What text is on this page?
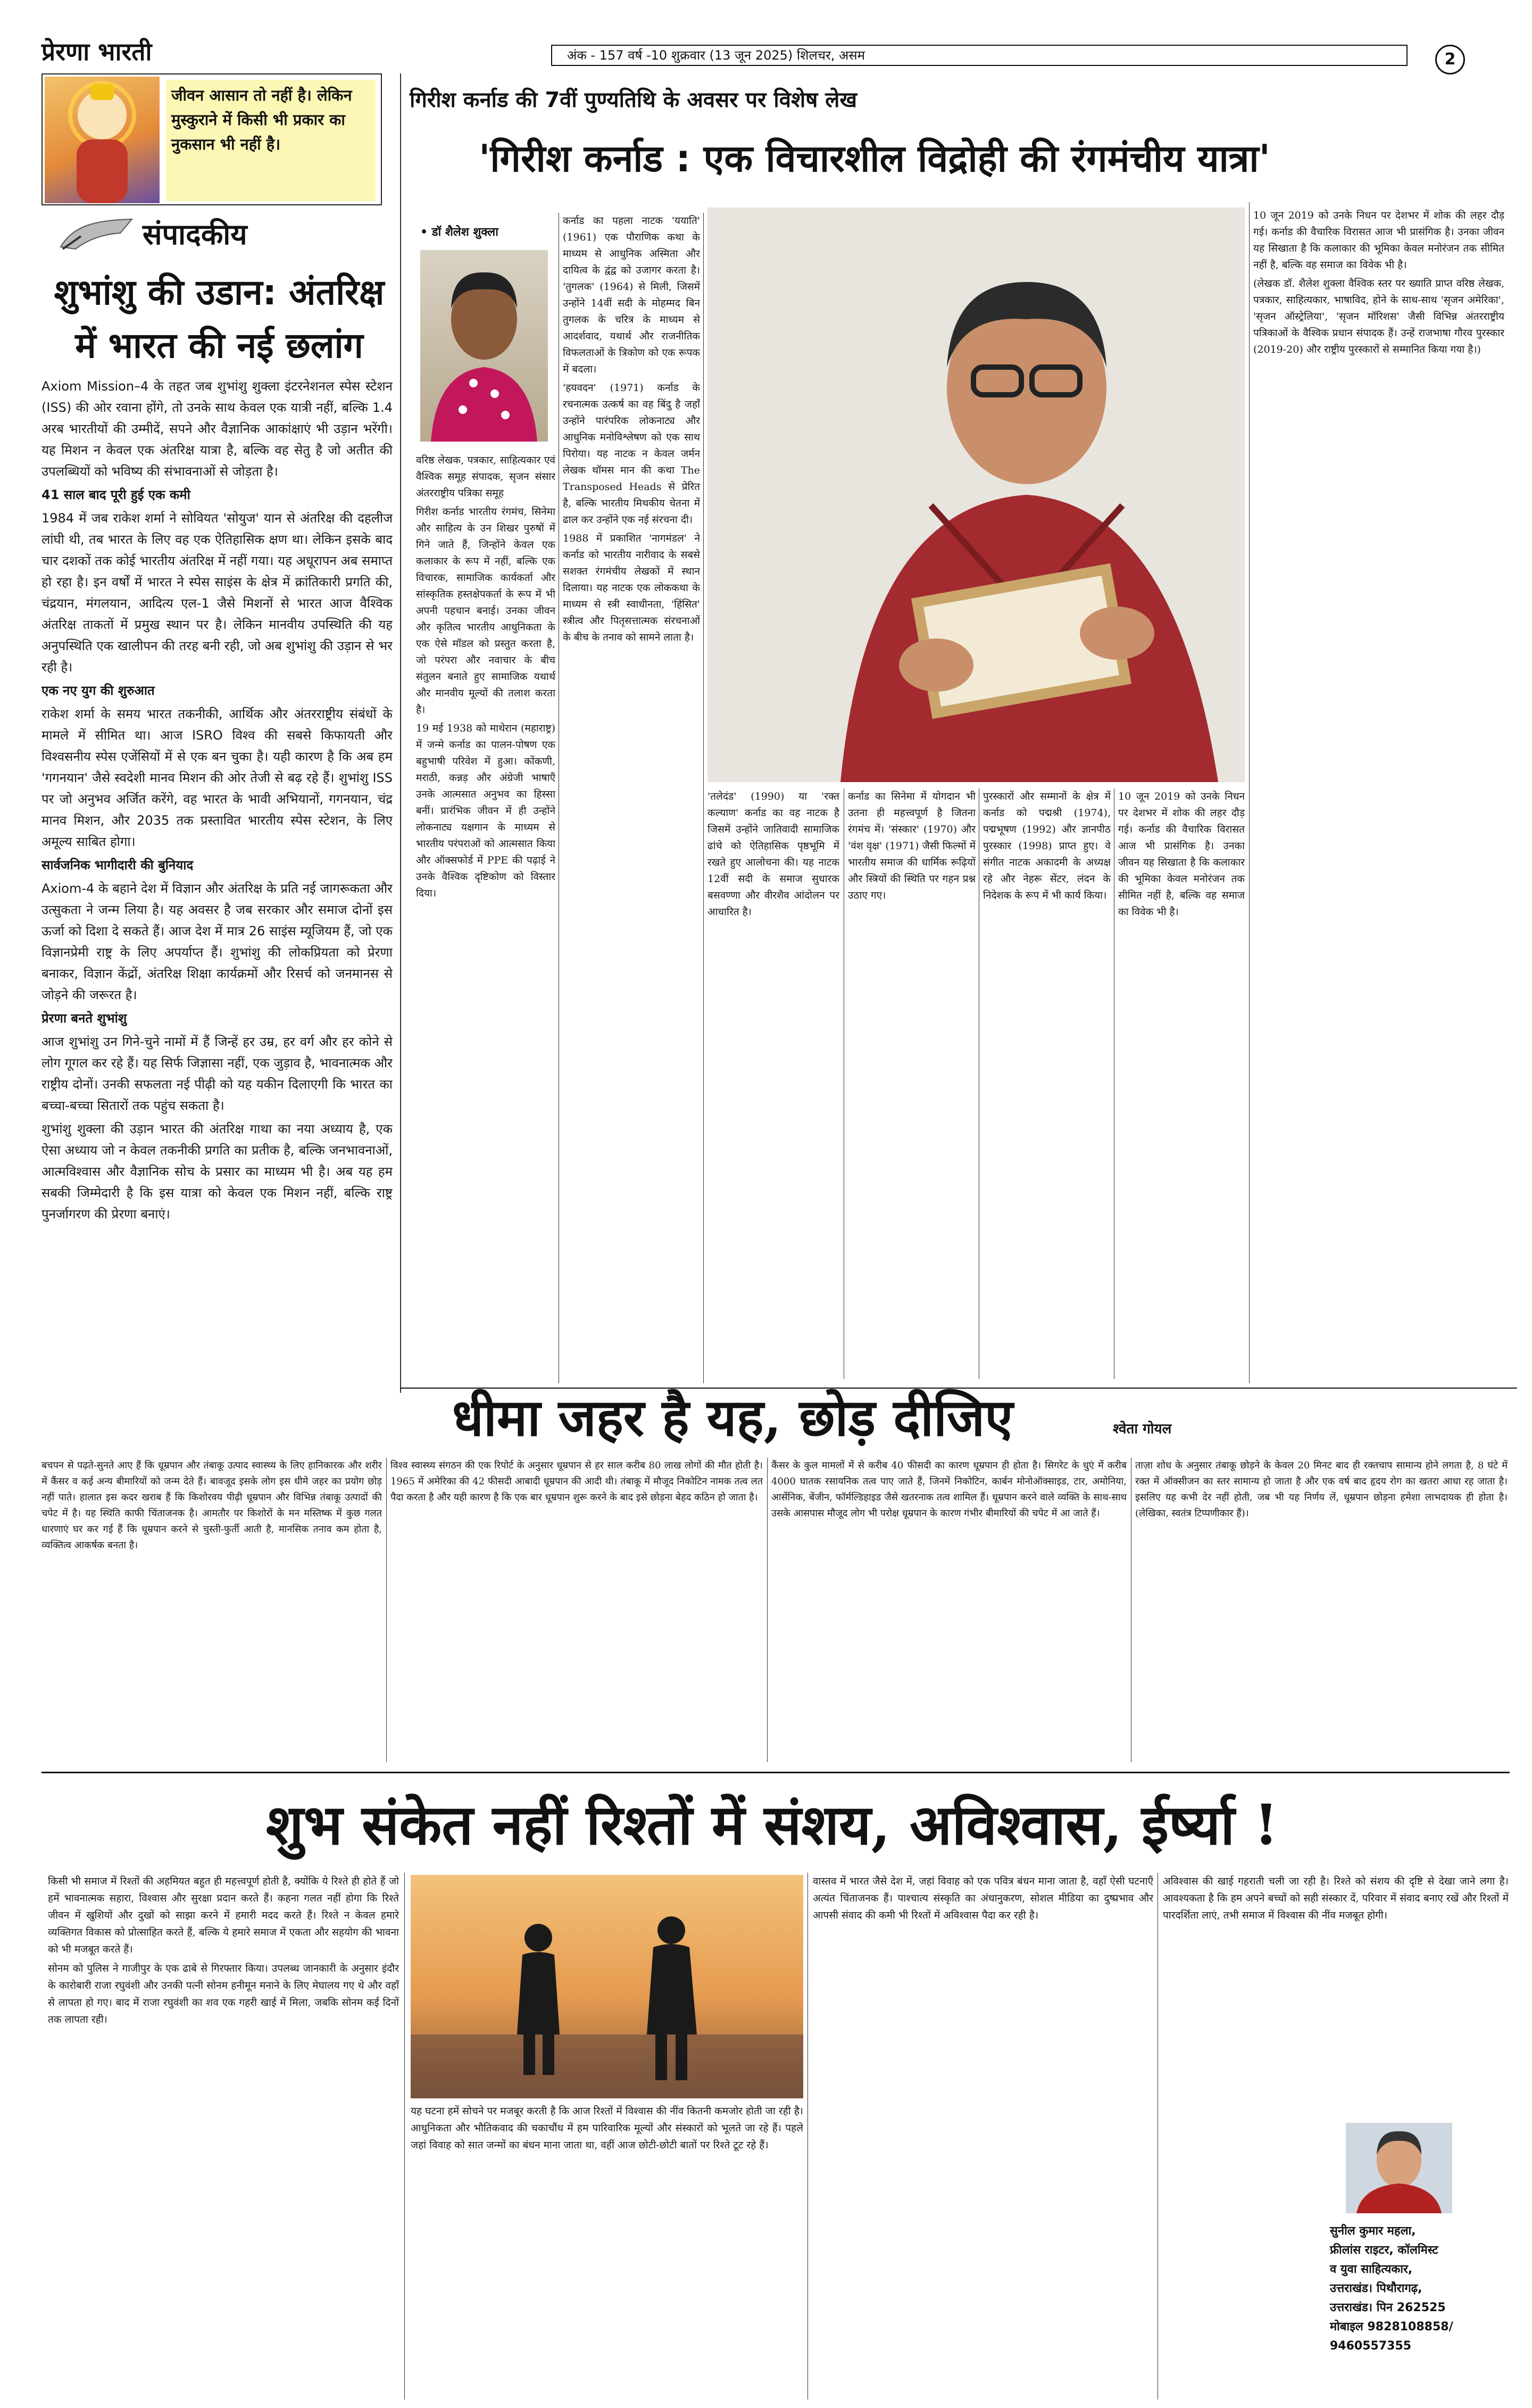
प्रेरणा भारती	अंक - 157 वर्ष -10 शुक्रवार (13 जून 2025) शिलचर, असम	2
जीवन आसान तो नहीं है। लेकिन मुस्कुराने में किसी भी प्रकार का नुकसान भी नहीं है।
संपादकीय
शुभांशु की उडान: अंतरिक्ष में भारत की नई छलांग

Axiom Mission–4 के तहत जब शुभांशु शुक्ला इंटरनेशनल स्पेस स्टेशन (ISS) की ओर रवाना होंगे, तो उनके साथ केवल एक यात्री नहीं, बल्कि 1.4 अरब भारतीयों की उम्मीदें, सपने और वैज्ञानिक आकांक्षाएं भी उड़ान भरेंगी। यह मिशन न केवल एक अंतरिक्ष यात्रा है, बल्कि वह सेतु है जो अतीत की उपलब्धियों को भविष्य की संभावनाओं से जोड़ता है।

41 साल बाद पूरी हुई एक कमी

1984 में जब राकेश शर्मा ने सोवियत 'सोयुज' यान से अंतरिक्ष की दहलीज लांघी थी, तब भारत के लिए वह एक ऐतिहासिक क्षण था। लेकिन इसके बाद चार दशकों तक कोई भारतीय अंतरिक्ष में नहीं गया। यह अधूरापन अब समाप्त हो रहा है। इन वर्षों में भारत ने स्पेस साइंस के क्षेत्र में क्रांतिकारी प्रगति की, चंद्रयान, मंगलयान, आदित्य एल-1 जैसे मिशनों से भारत आज वैश्विक अंतरिक्ष ताकतों में प्रमुख स्थान पर है। लेकिन मानवीय उपस्थिति की यह अनुपस्थिति एक खालीपन की तरह बनी रही, जो अब शुभांशु की उड़ान से भर रही है।

एक नए युग की शुरुआत

राकेश शर्मा के समय भारत तकनीकी, आर्थिक और अंतरराष्ट्रीय संबंधों के मामले में सीमित था। आज ISRO विश्व की सबसे किफायती और विश्वसनीय स्पेस एजेंसियों में से एक बन चुका है। यही कारण है कि अब हम 'गगनयान' जैसे स्वदेशी मानव मिशन की ओर तेजी से बढ़ रहे हैं। शुभांशु ISS पर जो अनुभव अर्जित करेंगे, वह भारत के भावी अभियानों, गगनयान, चंद्र मानव मिशन, और 2035 तक प्रस्तावित भारतीय स्पेस स्टेशन, के लिए अमूल्य साबित होगा।

सार्वजनिक भागीदारी की बुनियाद

Axiom-4 के बहाने देश में विज्ञान और अंतरिक्ष के प्रति नई जागरूकता और उत्सुकता ने जन्म लिया है। यह अवसर है जब सरकार और समाज दोनों इस ऊर्जा को दिशा दे सकते हैं। आज देश में मात्र 26 साइंस म्यूजियम हैं, जो एक विज्ञानप्रेमी राष्ट्र के लिए अपर्याप्त हैं। शुभांशु की लोकप्रियता को प्रेरणा बनाकर, विज्ञान केंद्रों, अंतरिक्ष शिक्षा कार्यक्रमों और रिसर्च को जनमानस से जोड़ने की जरूरत है।

प्रेरणा बनते शुभांशु

आज शुभांशु उन गिने-चुने नामों में हैं जिन्हें हर उम्र, हर वर्ग और हर कोने से लोग गूगल कर रहे हैं। यह सिर्फ जिज्ञासा नहीं, एक जुड़ाव है, भावनात्मक और राष्ट्रीय दोनों। उनकी सफलता नई पीढ़ी को यह यकीन दिलाएगी कि भारत का बच्चा-बच्चा सितारों तक पहुंच सकता है।

शुभांशु शुक्ला की उड़ान भारत की अंतरिक्ष गाथा का नया अध्याय है, एक ऐसा अध्याय जो न केवल तकनीकी प्रगति का प्रतीक है, बल्कि जनभावनाओं, आत्मविश्वास और वैज्ञानिक सोच के प्रसार का माध्यम भी है। अब यह हम सबकी जिम्मेदारी है कि इस यात्रा को केवल एक मिशन नहीं, बल्कि राष्ट्र पुनर्जागरण की प्रेरणा बनाएं।

गिरीश कर्नाड की 7वीं पुण्यतिथि के अवसर पर विशेष लेख
'गिरीश कर्नाड : एक विचारशील विद्रोही की रंगमंचीय यात्रा'
• डॉ शैलेश शुक्ला

वरिष्ठ लेखक, पत्रकार, साहित्यकार एवं वैश्विक समूह संपादक, सृजन संसार अंतरराष्ट्रीय पत्रिका समूह

गिरीश कर्नाड भारतीय रंगमंच, सिनेमा और साहित्य के उन शिखर पुरुषों में गिने जाते हैं, जिन्होंने केवल एक कलाकार के रूप में नहीं, बल्कि एक विचारक, सामाजिक कार्यकर्ता और सांस्कृतिक हस्तक्षेपकर्ता के रूप में भी अपनी पहचान बनाई। उनका जीवन और कृतित्व भारतीय आधुनिकता के एक ऐसे मॉडल को प्रस्तुत करता है, जो परंपरा और नवाचार के बीच संतुलन बनाते हुए सामाजिक यथार्थ और मानवीय मूल्यों की तलाश करता है।

19 मई 1938 को माथेरान (महाराष्ट्र) में जन्मे कर्नाड का पालन-पोषण एक बहुभाषी परिवेश में हुआ। कोंकणी, मराठी, कन्नड़ और अंग्रेजी भाषाएँ उनके आत्मसात अनुभव का हिस्सा बनीं। प्रारंभिक जीवन में ही उन्होंने लोकनाट्य यक्षगान के माध्यम से भारतीय परंपराओं को आत्मसात किया और ऑक्सफोर्ड में PPE की पढ़ाई ने उनके वैश्विक दृष्टिकोण को विस्तार दिया।

कर्नाड का पहला नाटक 'ययाति' (1961) एक पौराणिक कथा के माध्यम से आधुनिक अस्मिता और दायित्व के द्वंद्व को उजागर करता है। 'तुगलक' (1964) से मिली, जिसमें उन्होंने 14वीं सदी के मोहम्मद बिन तुगलक के चरित्र के माध्यम से आदर्शवाद, यथार्थ और राजनीतिक विफलताओं के त्रिकोण को एक रूपक में बदला।

'हयवदन' (1971) कर्नाड के रचनात्मक उत्कर्ष का वह बिंदु है जहाँ उन्होंने पारंपरिक लोकनाट्य और आधुनिक मनोविश्लेषण को एक साथ पिरोया। यह नाटक न केवल जर्मन लेखक थॉमस मान की कथा The Transposed Heads से प्रेरित है, बल्कि भारतीय मिथकीय चेतना में ढाल कर उन्होंने एक नई संरचना दी।

1988 में प्रकाशित 'नागमंडल' ने कर्नाड को भारतीय नारीवाद के सबसे सशक्त रंगमंचीय लेखकों में स्थान दिलाया। यह नाटक एक लोककथा के माध्यम से स्त्री स्वाधीनता, 'हिंसित' स्त्रीत्व और पितृसत्तात्मक संरचनाओं के बीच के तनाव को सामने लाता है।

10 जून 2019 को उनके निधन पर देशभर में शोक की लहर दौड़ गई। कर्नाड की वैचारिक विरासत आज भी प्रासंगिक है। उनका जीवन यह सिखाता है कि कलाकार की भूमिका केवल मनोरंजन तक सीमित नहीं है, बल्कि वह समाज का विवेक भी है।

(लेखक डॉ. शैलेश शुक्ला वैश्विक स्तर पर ख्याति प्राप्त वरिष्ठ लेखक, पत्रकार, साहित्यकार, भाषाविद, होने के साथ-साथ 'सृजन अमेरिका', 'सृजन ऑस्ट्रेलिया', 'सृजन मॉरिशस' जैसी विभिन्न अंतरराष्ट्रीय पत्रिकाओं के वैश्विक प्रधान संपादक हैं। उन्हें राजभाषा गौरव पुरस्कार (2019-20) और राष्ट्रीय पुरस्कारों से सम्मानित किया गया है।)

'तलेदंड' (1990) या 'रक्त कल्याण' कर्नाड का वह नाटक है जिसमें उन्होंने जातिवादी सामाजिक ढांचे को ऐतिहासिक पृष्ठभूमि में रखते हुए आलोचना की। यह नाटक 12वीं सदी के समाज सुधारक बसवण्णा और वीरशैव आंदोलन पर आधारित है।

कर्नाड का सिनेमा में योगदान भी उतना ही महत्त्वपूर्ण है जितना रंगमंच में। 'संस्कार' (1970) और 'वंश वृक्ष' (1971) जैसी फिल्मों में भारतीय समाज की धार्मिक रूढ़ियों और स्त्रियों की स्थिति पर गहन प्रश्न उठाए गए।

पुरस्कारों और सम्मानों के क्षेत्र में कर्नाड को पद्मश्री (1974), पद्मभूषण (1992) और ज्ञानपीठ पुरस्कार (1998) प्राप्त हुए। वे संगीत नाटक अकादमी के अध्यक्ष रहे और नेहरू सेंटर, लंदन के निदेशक के रूप में भी कार्य किया।

10 जून 2019 को उनके निधन पर देशभर में शोक की लहर दौड़ गई। कर्नाड की वैचारिक विरासत आज भी प्रासंगिक है। उनका जीवन यह सिखाता है कि कलाकार की भूमिका केवल मनोरंजन तक सीमित नहीं है, बल्कि वह समाज का विवेक भी है।

धीमा जहर है यह, छोड़ दीजिए	श्वेता गोयल

बचपन से पढ़ते-सुनते आए हैं कि धूम्रपान और तंबाकू उत्पाद स्वास्थ्य के लिए हानिकारक और शरीर में कैंसर व कई अन्य बीमारियों को जन्म देते हैं। बावजूद इसके लोग इस धीमे जहर का प्रयोग छोड़ नहीं पाते। हालात इस कदर खराब हैं कि किशोरवय पीढ़ी धूम्रपान और विभिन्न तंबाकू उत्पादों की चपेट में है। यह स्थिति काफी चिंताजनक है। आमतौर पर किशोरों के मन मस्तिष्क में कुछ गलत धारणाएं घर कर गई हैं कि धूम्रपान करने से चुस्ती-फुर्ती आती है, मानसिक तनाव कम होता है, व्यक्तित्व आकर्षक बनता है।

विश्व स्वास्थ्य संगठन की एक रिपोर्ट के अनुसार धूम्रपान से हर साल करीब 80 लाख लोगों की मौत होती है। 1965 में अमेरिका की 42 फीसदी आबादी धूम्रपान की आदी थी। तंबाकू में मौजूद निकोटिन नामक तत्व लत पैदा करता है और यही कारण है कि एक बार धूम्रपान शुरू करने के बाद इसे छोड़ना बेहद कठिन हो जाता है।

कैंसर के कुल मामलों में से करीब 40 फीसदी का कारण धूम्रपान ही होता है। सिगरेट के धुएं में करीब 4000 घातक रसायनिक तत्व पाए जाते हैं, जिनमें निकोटिन, कार्बन मोनोऑक्साइड, टार, अमोनिया, आर्सेनिक, बेंजीन, फॉर्मल्डिहाइड जैसे खतरनाक तत्व शामिल हैं। धूम्रपान करने वाले व्यक्ति के साथ-साथ उसके आसपास मौजूद लोग भी परोक्ष धूम्रपान के कारण गंभीर बीमारियों की चपेट में आ जाते हैं।

ताज़ा शोध के अनुसार तंबाकू छोड़ने के केवल 20 मिनट बाद ही रक्तचाप सामान्य होने लगता है, 8 घंटे में रक्त में ऑक्सीजन का स्तर सामान्य हो जाता है और एक वर्ष बाद हृदय रोग का खतरा आधा रह जाता है। इसलिए यह कभी देर नहीं होती, जब भी यह निर्णय लें, धूम्रपान छोड़ना हमेशा लाभदायक ही होता है। (लेखिका, स्वतंत्र टिप्पणीकार हैं)।

शुभ संकेत नहीं रिश्तों में संशय, अविश्वास, ईर्ष्या !

किसी भी समाज में रिश्तों की अहमियत बहुत ही महत्त्वपूर्ण होती है, क्योंकि ये रिश्ते ही होते हैं जो हमें भावनात्मक सहारा, विश्वास और सुरक्षा प्रदान करते हैं। कहना गलत नहीं होगा कि रिश्ते जीवन में खुशियों और दुखों को साझा करने में हमारी मदद करते हैं। रिश्ते न केवल हमारे व्यक्तिगत विकास को प्रोत्साहित करते हैं, बल्कि ये हमारे समाज में एकता और सहयोग की भावना को भी मजबूत करते हैं।

सोनम को पुलिस ने गाजीपुर के एक ढाबे से गिरफ्तार किया। उपलब्ध जानकारी के अनुसार इंदौर के कारोबारी राजा रघुवंशी और उनकी पत्नी सोनम हनीमून मनाने के लिए मेघालय गए थे और वहाँ से लापता हो गए। बाद में राजा रघुवंशी का शव एक गहरी खाई में मिला, जबकि सोनम कई दिनों तक लापता रही।

यह घटना हमें सोचने पर मजबूर करती है कि आज रिश्तों में विश्वास की नींव कितनी कमजोर होती जा रही है। आधुनिकता और भौतिकवाद की चकाचौंध में हम पारिवारिक मूल्यों और संस्कारों को भूलते जा रहे हैं। पहले जहां विवाह को सात जन्मों का बंधन माना जाता था, वहीं आज छोटी-छोटी बातों पर रिश्ते टूट रहे हैं।

वास्तव में भारत जैसे देश में, जहां विवाह को एक पवित्र बंधन माना जाता है, वहाँ ऐसी घटनाएँ अत्यंत चिंताजनक हैं। पाश्चात्य संस्कृति का अंधानुकरण, सोशल मीडिया का दुष्प्रभाव और आपसी संवाद की कमी भी रिश्तों में अविश्वास पैदा कर रही है।

अविश्वास की खाई गहराती चली जा रही है। रिश्ते को संशय की दृष्टि से देखा जाने लगा है। आवश्यकता है कि हम अपने बच्चों को सही संस्कार दें, परिवार में संवाद बनाए रखें और रिश्तों में पारदर्शिता लाएं, तभी समाज में विश्वास की नींव मजबूत होगी।

सुनील कुमार महला,
फ्रीलांस राइटर, कॉलमिस्ट
व युवा साहित्यकार,
उत्तराखंड। पिथौरागढ़,
उत्तराखंड। पिन 262525
मोबाइल 9828108858/
9460557355
